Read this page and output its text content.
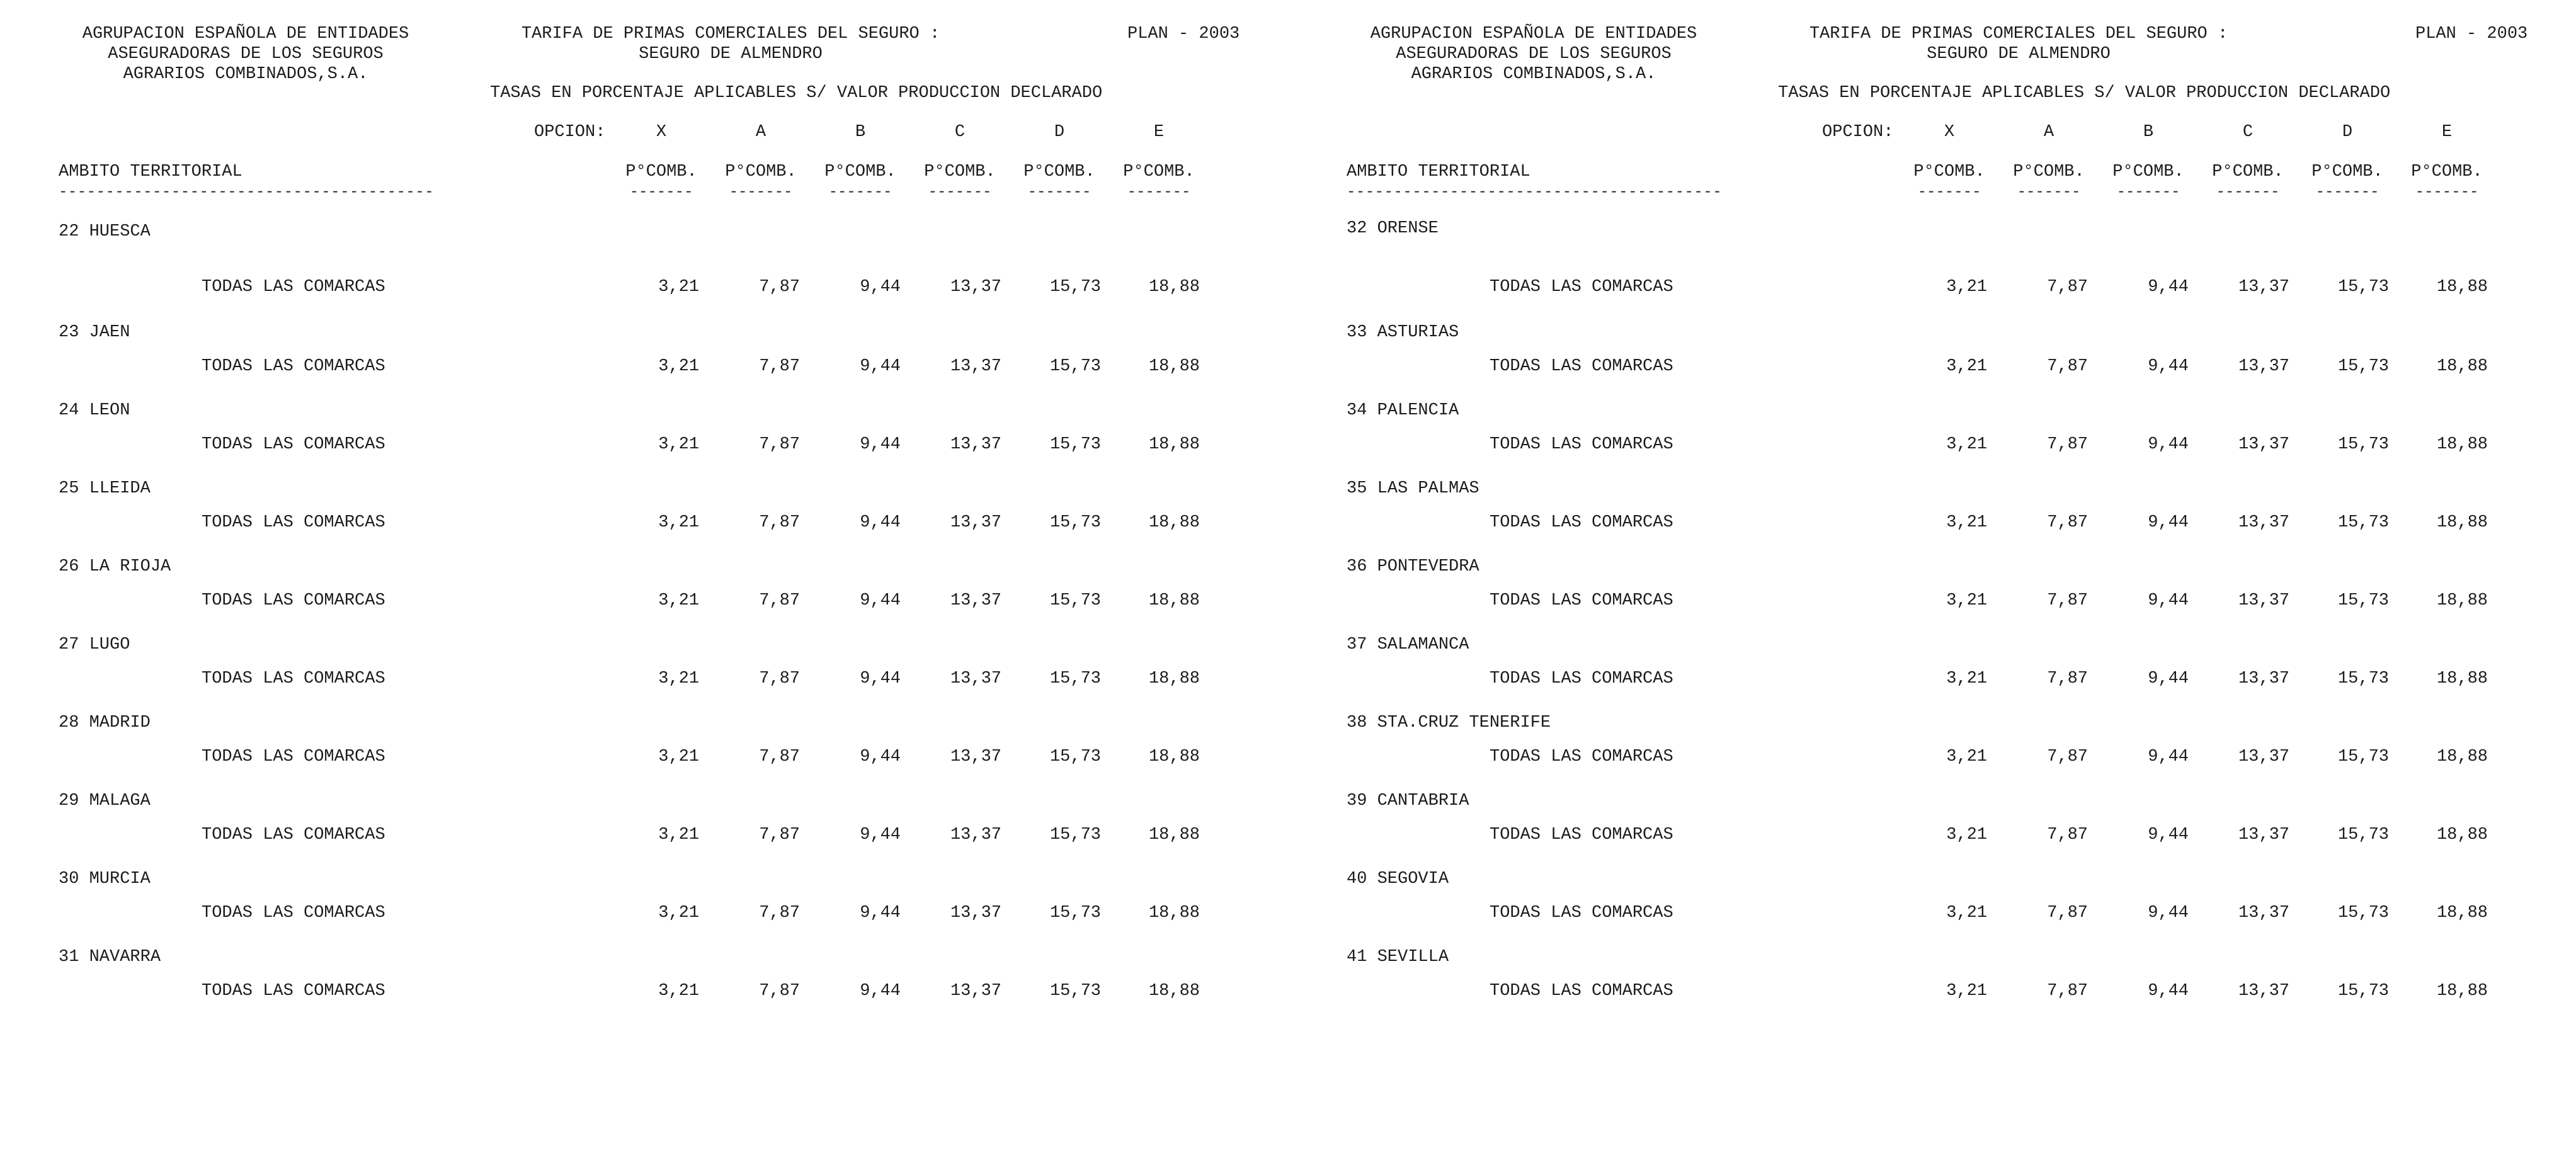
AGRUPACION ESPAÑOLA DE ENTIDADES
ASEGURADORAS DE LOS SEGUROS
AGRARIOS COMBINADOS,S.A.
TARIFA DE PRIMAS COMERCIALES DEL SEGURO :
SEGURO DE ALMENDRO
PLAN - 2003
TASAS EN PORCENTAJE APLICABLES S/ VALOR PRODUCCION DECLARADO
OPCION:
AMBITO TERRITORIAL
----------------------------------------
X	A	B	C	D	E
P°COMB.	P°COMB.	P°COMB.	P°COMB.	P°COMB.	P°COMB.
-------	-------	-------	-------	-------	-------
22 HUESCA
TODAS LAS COMARCAS	3,21	7,87	9,44	13,37	15,73	18,88
23 JAEN
TODAS LAS COMARCAS	3,21	7,87	9,44	13,37	15,73	18,88
24 LEON
TODAS LAS COMARCAS	3,21	7,87	9,44	13,37	15,73	18,88
25 LLEIDA
TODAS LAS COMARCAS	3,21	7,87	9,44	13,37	15,73	18,88
26 LA RIOJA
TODAS LAS COMARCAS	3,21	7,87	9,44	13,37	15,73	18,88
27 LUGO
TODAS LAS COMARCAS	3,21	7,87	9,44	13,37	15,73	18,88
28 MADRID
TODAS LAS COMARCAS	3,21	7,87	9,44	13,37	15,73	18,88
29 MALAGA
TODAS LAS COMARCAS	3,21	7,87	9,44	13,37	15,73	18,88
30 MURCIA
TODAS LAS COMARCAS	3,21	7,87	9,44	13,37	15,73	18,88
31 NAVARRA
TODAS LAS COMARCAS	3,21	7,87	9,44	13,37	15,73	18,88
AGRUPACION ESPAÑOLA DE ENTIDADES
ASEGURADORAS DE LOS SEGUROS
AGRARIOS COMBINADOS,S.A.
TARIFA DE PRIMAS COMERCIALES DEL SEGURO :
SEGURO DE ALMENDRO
PLAN - 2003
TASAS EN PORCENTAJE APLICABLES S/ VALOR PRODUCCION DECLARADO
OPCION:
AMBITO TERRITORIAL
----------------------------------------
X	A	B	C	D	E
P°COMB.	P°COMB.	P°COMB.	P°COMB.	P°COMB.	P°COMB.
-------	-------	-------	-------	-------	-------
32 ORENSE
TODAS LAS COMARCAS	3,21	7,87	9,44	13,37	15,73	18,88
33 ASTURIAS
TODAS LAS COMARCAS	3,21	7,87	9,44	13,37	15,73	18,88
34 PALENCIA
TODAS LAS COMARCAS	3,21	7,87	9,44	13,37	15,73	18,88
35 LAS PALMAS
TODAS LAS COMARCAS	3,21	7,87	9,44	13,37	15,73	18,88
36 PONTEVEDRA
TODAS LAS COMARCAS	3,21	7,87	9,44	13,37	15,73	18,88
37 SALAMANCA
TODAS LAS COMARCAS	3,21	7,87	9,44	13,37	15,73	18,88
38 STA.CRUZ TENERIFE
TODAS LAS COMARCAS	3,21	7,87	9,44	13,37	15,73	18,88
39 CANTABRIA
TODAS LAS COMARCAS	3,21	7,87	9,44	13,37	15,73	18,88
40 SEGOVIA
TODAS LAS COMARCAS	3,21	7,87	9,44	13,37	15,73	18,88
41 SEVILLA
TODAS LAS COMARCAS	3,21	7,87	9,44	13,37	15,73	18,88
